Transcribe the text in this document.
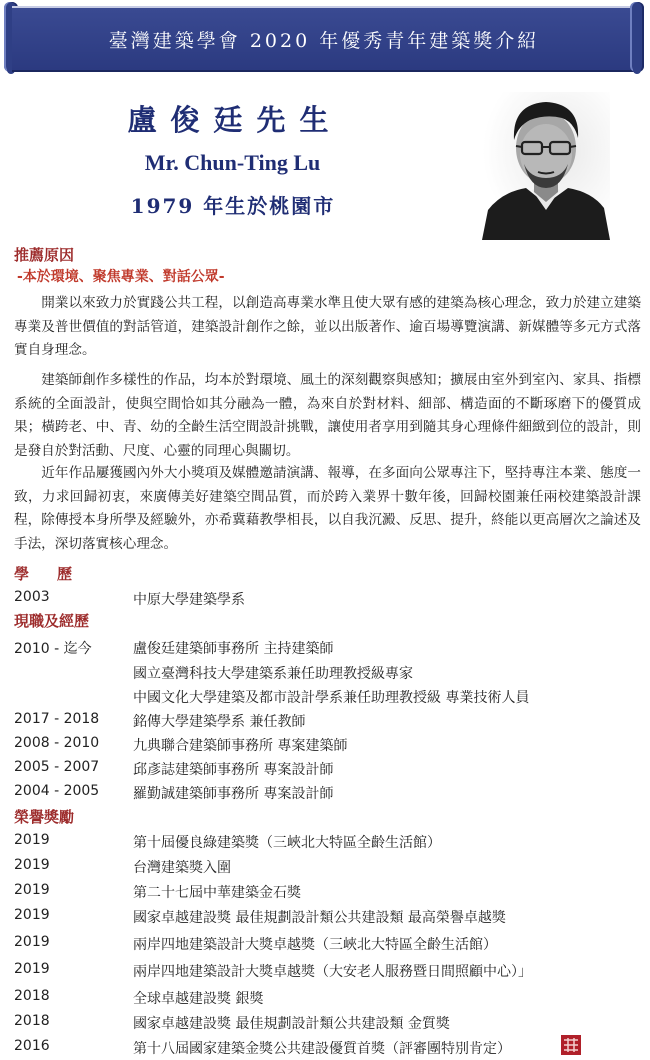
臺灣建築學會 2020 年優秀青年建築獎介紹
盧俊廷先生
Mr. Chun-Ting Lu
1979 年生於桃園市
推薦原因
-本於環境、聚焦專業、對話公眾-

開業以來致力於實踐公共工程，以創造高專業水準且使大眾有感的建築為核心理念，致力於建立建築專業及普世價值的對話管道，建築設計創作之餘，並以出版著作、逾百場導覽演講、新媒體等多元方式落實自身理念。

建築師創作多樣性的作品，均本於對環境、風土的深刻觀察與感知；擴展由室外到室內、家具、指標系統的全面設計，使與空間恰如其分融為一體，為來自於對材料、細部、構造面的不斷琢磨下的優質成果；橫跨老、中、青、幼的全齡生活空間設計挑戰，讓使用者享用到隨其身心理條件細緻到位的設計，則是發自於對活動、尺度、心靈的同理心與關切。

近年作品屢獲國內外大小獎項及媒體邀請演講、報導，在多面向公眾專注下，堅持專注本業、態度一致，力求回歸初衷，來廣傳美好建築空間品質，而於跨入業界十數年後，回歸校園兼任兩校建築設計課程，除傳授本身所學及經驗外，亦希冀藉教學相長，以自我沉澱、反思、提升，終能以更高層次之論述及手法，深切落實核心理念。

學歷
2003	中原大學建築學系
現職及經歷
2010 - 迄今	盧俊廷建築師事務所 主持建築師
國立臺灣科技大學建築系兼任助理教授級專家
中國文化大學建築及都市設計學系兼任助理教授級 專業技術人員
2017 - 2018 銘傳大學建築學系 兼任教師
2008 - 2010 九典聯合建築師事務所 專案建築師
2005 - 2007 邱彥誌建築師事務所 專案設計師
2004 - 2005 羅勤誠建築師事務所 專案設計師
榮譽獎勵
2019	第十屆優良綠建築獎（三峽北大特區全齡生活館）
2019	台灣建築獎入圍
2019	第二十七屆中華建築金石獎
2019	國家卓越建設獎 最佳規劃設計類公共建設類 最高榮譽卓越獎
2019	兩岸四地建築設計大獎卓越獎（三峽北大特區全齡生活館）
2019	兩岸四地建築設計大獎卓越獎（大安老人服務暨日間照顧中心）」
2018	全球卓越建設獎 銀獎
2018	國家卓越建設獎 最佳規劃設計類公共建設類 金質獎
2016	第十八屆國家建築金獎公共建設優質首獎（評審團特別肯定）
